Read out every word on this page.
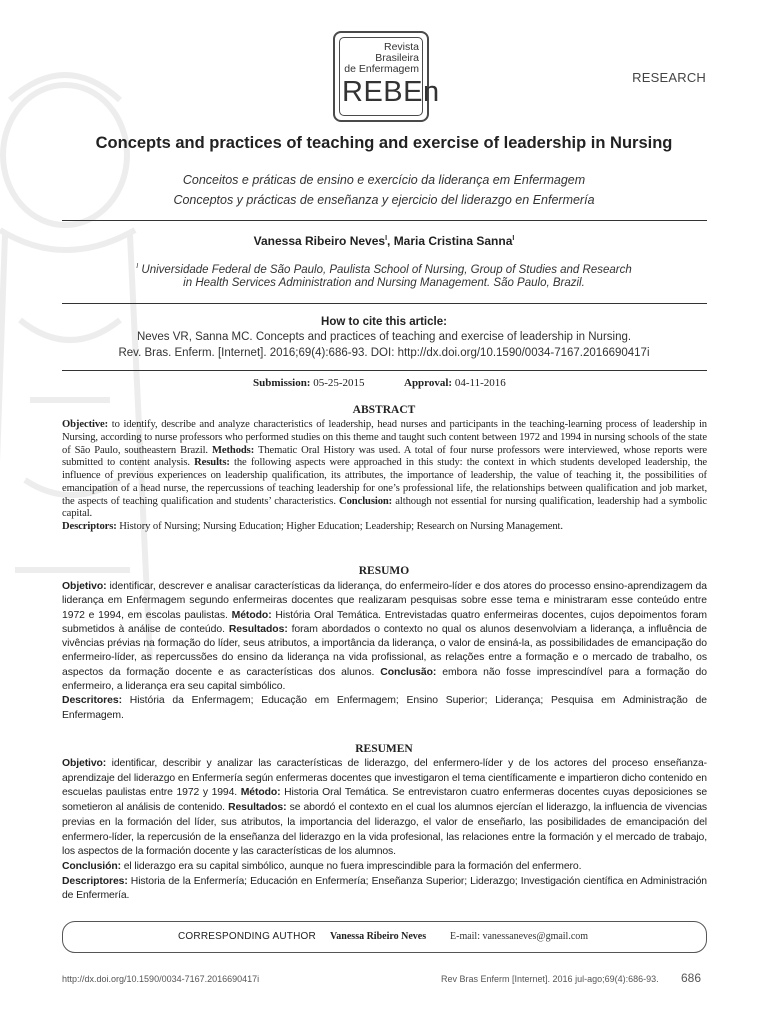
Revista
Brasileira
de Enfermagem
REBEn	RESEARCH
Concepts and practices of teaching and exercise of leadership in Nursing
Conceitos e práticas de ensino e exercício da liderança em Enfermagem
Conceptos y prácticas de enseñanza y ejercicio del liderazgo en Enfermería
Vanessa Ribeiro Neves$^I$, Maria Cristina Sanna$^I$
$^I$ Universidade Federal de São Paulo, Paulista School of Nursing, Group of Studies and Research
in Health Services Administration and Nursing Management. São Paulo, Brazil.
How to cite this article:
Neves VR, Sanna MC. Concepts and practices of teaching and exercise of leadership in Nursing.
Rev. Bras. Enferm. [Internet]. 2016;69(4):686-93. DOI: http://dx.doi.org/10.1590/0034-7167.2016690417i
Submission: 05-25-2015	Approval: 04-11-2016
ABSTRACT
Objective: to identify, describe and analyze characteristics of leadership, head nurses and participants in the teaching-learning process of leadership in Nursing, according to nurse professors who performed studies on this theme and taught such content between 1972 and 1994 in nursing schools of the state of São Paulo, southeastern Brazil. Methods: Thematic Oral History was used. A total of four nurse professors were interviewed, whose reports were submitted to content analysis. Results: the following aspects were approached in this study: the context in which students developed leadership, the influence of previous experiences on leadership qualification, its attributes, the importance of leadership, the value of teaching it, the possibilities of emancipation of a head nurse, the repercussions of teaching leadership for one’s professional life, the relationships between qualification and job market, the aspects of teaching qualification and students’ characteristics. Conclusion: although not essential for nursing qualification, leadership had a symbolic capital.
Descriptors: History of Nursing; Nursing Education; Higher Education; Leadership; Research on Nursing Management.
RESUMO
Objetivo: identificar, descrever e analisar características da liderança, do enfermeiro-líder e dos atores do processo ensino-aprendizagem da liderança em Enfermagem segundo enfermeiras docentes que realizaram pesquisas sobre esse tema e ministraram esse conteúdo entre 1972 e 1994, em escolas paulistas. Método: História Oral Temática. Entrevistadas quatro enfermeiras docentes, cujos depoimentos foram submetidos à análise de conteúdo. Resultados: foram abordados o contexto no qual os alunos desenvolviam a liderança, a influência de vivências prévias na formação do líder, seus atributos, a importância da liderança, o valor de ensiná-la, as possibilidades de emancipação do enfermeiro-líder, as repercussões do ensino da liderança na vida profissional, as relações entre a formação e o mercado de trabalho, os aspectos da formação docente e as características dos alunos. Conclusão: embora não fosse imprescindível para a formação do enfermeiro, a liderança era seu capital simbólico.
Descritores: História da Enfermagem; Educação em Enfermagem; Ensino Superior; Liderança; Pesquisa em Administração de Enfermagem.
RESUMEN
Objetivo: identificar, describir y analizar las características de liderazgo, del enfermero-líder y de los actores del proceso enseñanza-aprendizaje del liderazgo en Enfermería según enfermeras docentes que investigaron el tema científicamente e impartieron dicho contenido en escuelas paulistas entre 1972 y 1994. Método: Historia Oral Temática. Se entrevistaron cuatro enfermeras docentes cuyas deposiciones se sometieron al análisis de contenido. Resultados: se abordó el contexto en el cual los alumnos ejercían el liderazgo, la influencia de vivencias previas en la formación del líder, sus atributos, la importancia del liderazgo, el valor de enseñarlo, las posibilidades de emancipación del enfermero-líder, la repercusión de la enseñanza del liderazgo en la vida profesional, las relaciones entre la formación y el mercado de trabajo, los aspectos de la formación docente y las características de los alumnos.
Conclusión: el liderazgo era su capital simbólico, aunque no fuera imprescindible para la formación del enfermero.
Descriptores: Historia de la Enfermería; Educación en Enfermería; Enseñanza Superior; Liderazgo; Investigación científica en Administración de Enfermería.
CORRESPONDING AUTHOR Vanessa Ribeiro Neves E-mail: vanessaneves@gmail.com
http://dx.doi.org/10.1590/0034-7167.2016690417i	Rev Bras Enferm [Internet]. 2016 jul-ago;69(4):686-93. 686
